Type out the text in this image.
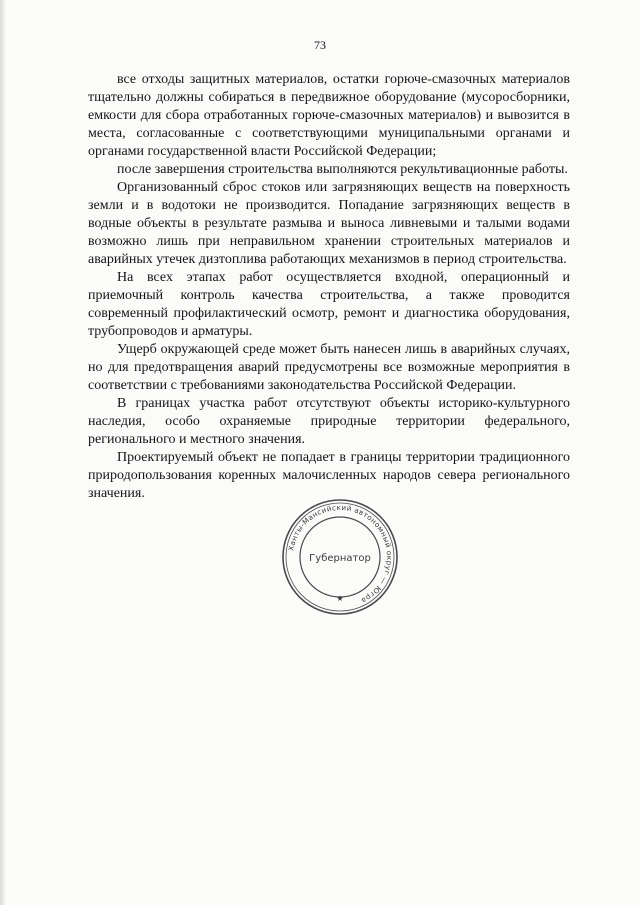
73

все отходы защитных материалов, остатки горюче-смазочных материалов тщательно должны собираться в передвижное оборудование (мусоросборники, емкости для сбора отработанных горюче-смазочных материалов) и вывозится в места, согласованные с соответствующими муниципальными органами и органами государственной власти Российской Федерации;

после завершения строительства выполняются рекультивационные работы.

Организованный сброс стоков или загрязняющих веществ на поверхность земли и в водотоки не производится. Попадание загрязняющих веществ в водные объекты в результате размыва и выноса ливневыми и талыми водами возможно лишь при неправильном хранении строительных материалов и аварийных утечек дизтоплива работающих механизмов в период строительства.

На всех этапах работ осуществляется входной, операционный и приемочный контроль качества строительства, а также проводится современный профилактический осмотр, ремонт и диагностика оборудования, трубопроводов и арматуры.

Ущерб окружающей среде может быть нанесен лишь в аварийных случаях, но для предотвращения аварий предусмотрены все возможные мероприятия в соответствии с требованиями законодательства Российской Федерации.

В границах участка работ отсутствуют объекты историко-культурного наследия, особо охраняемые природные территории федерального, регионального и местного значения.

Проектируемый объект не попадает в границы территории традиционного природопользования коренных малочисленных народов севера регионального значения.

Ханты-Мансийский автономный округ — Югра
Губернатор
★
